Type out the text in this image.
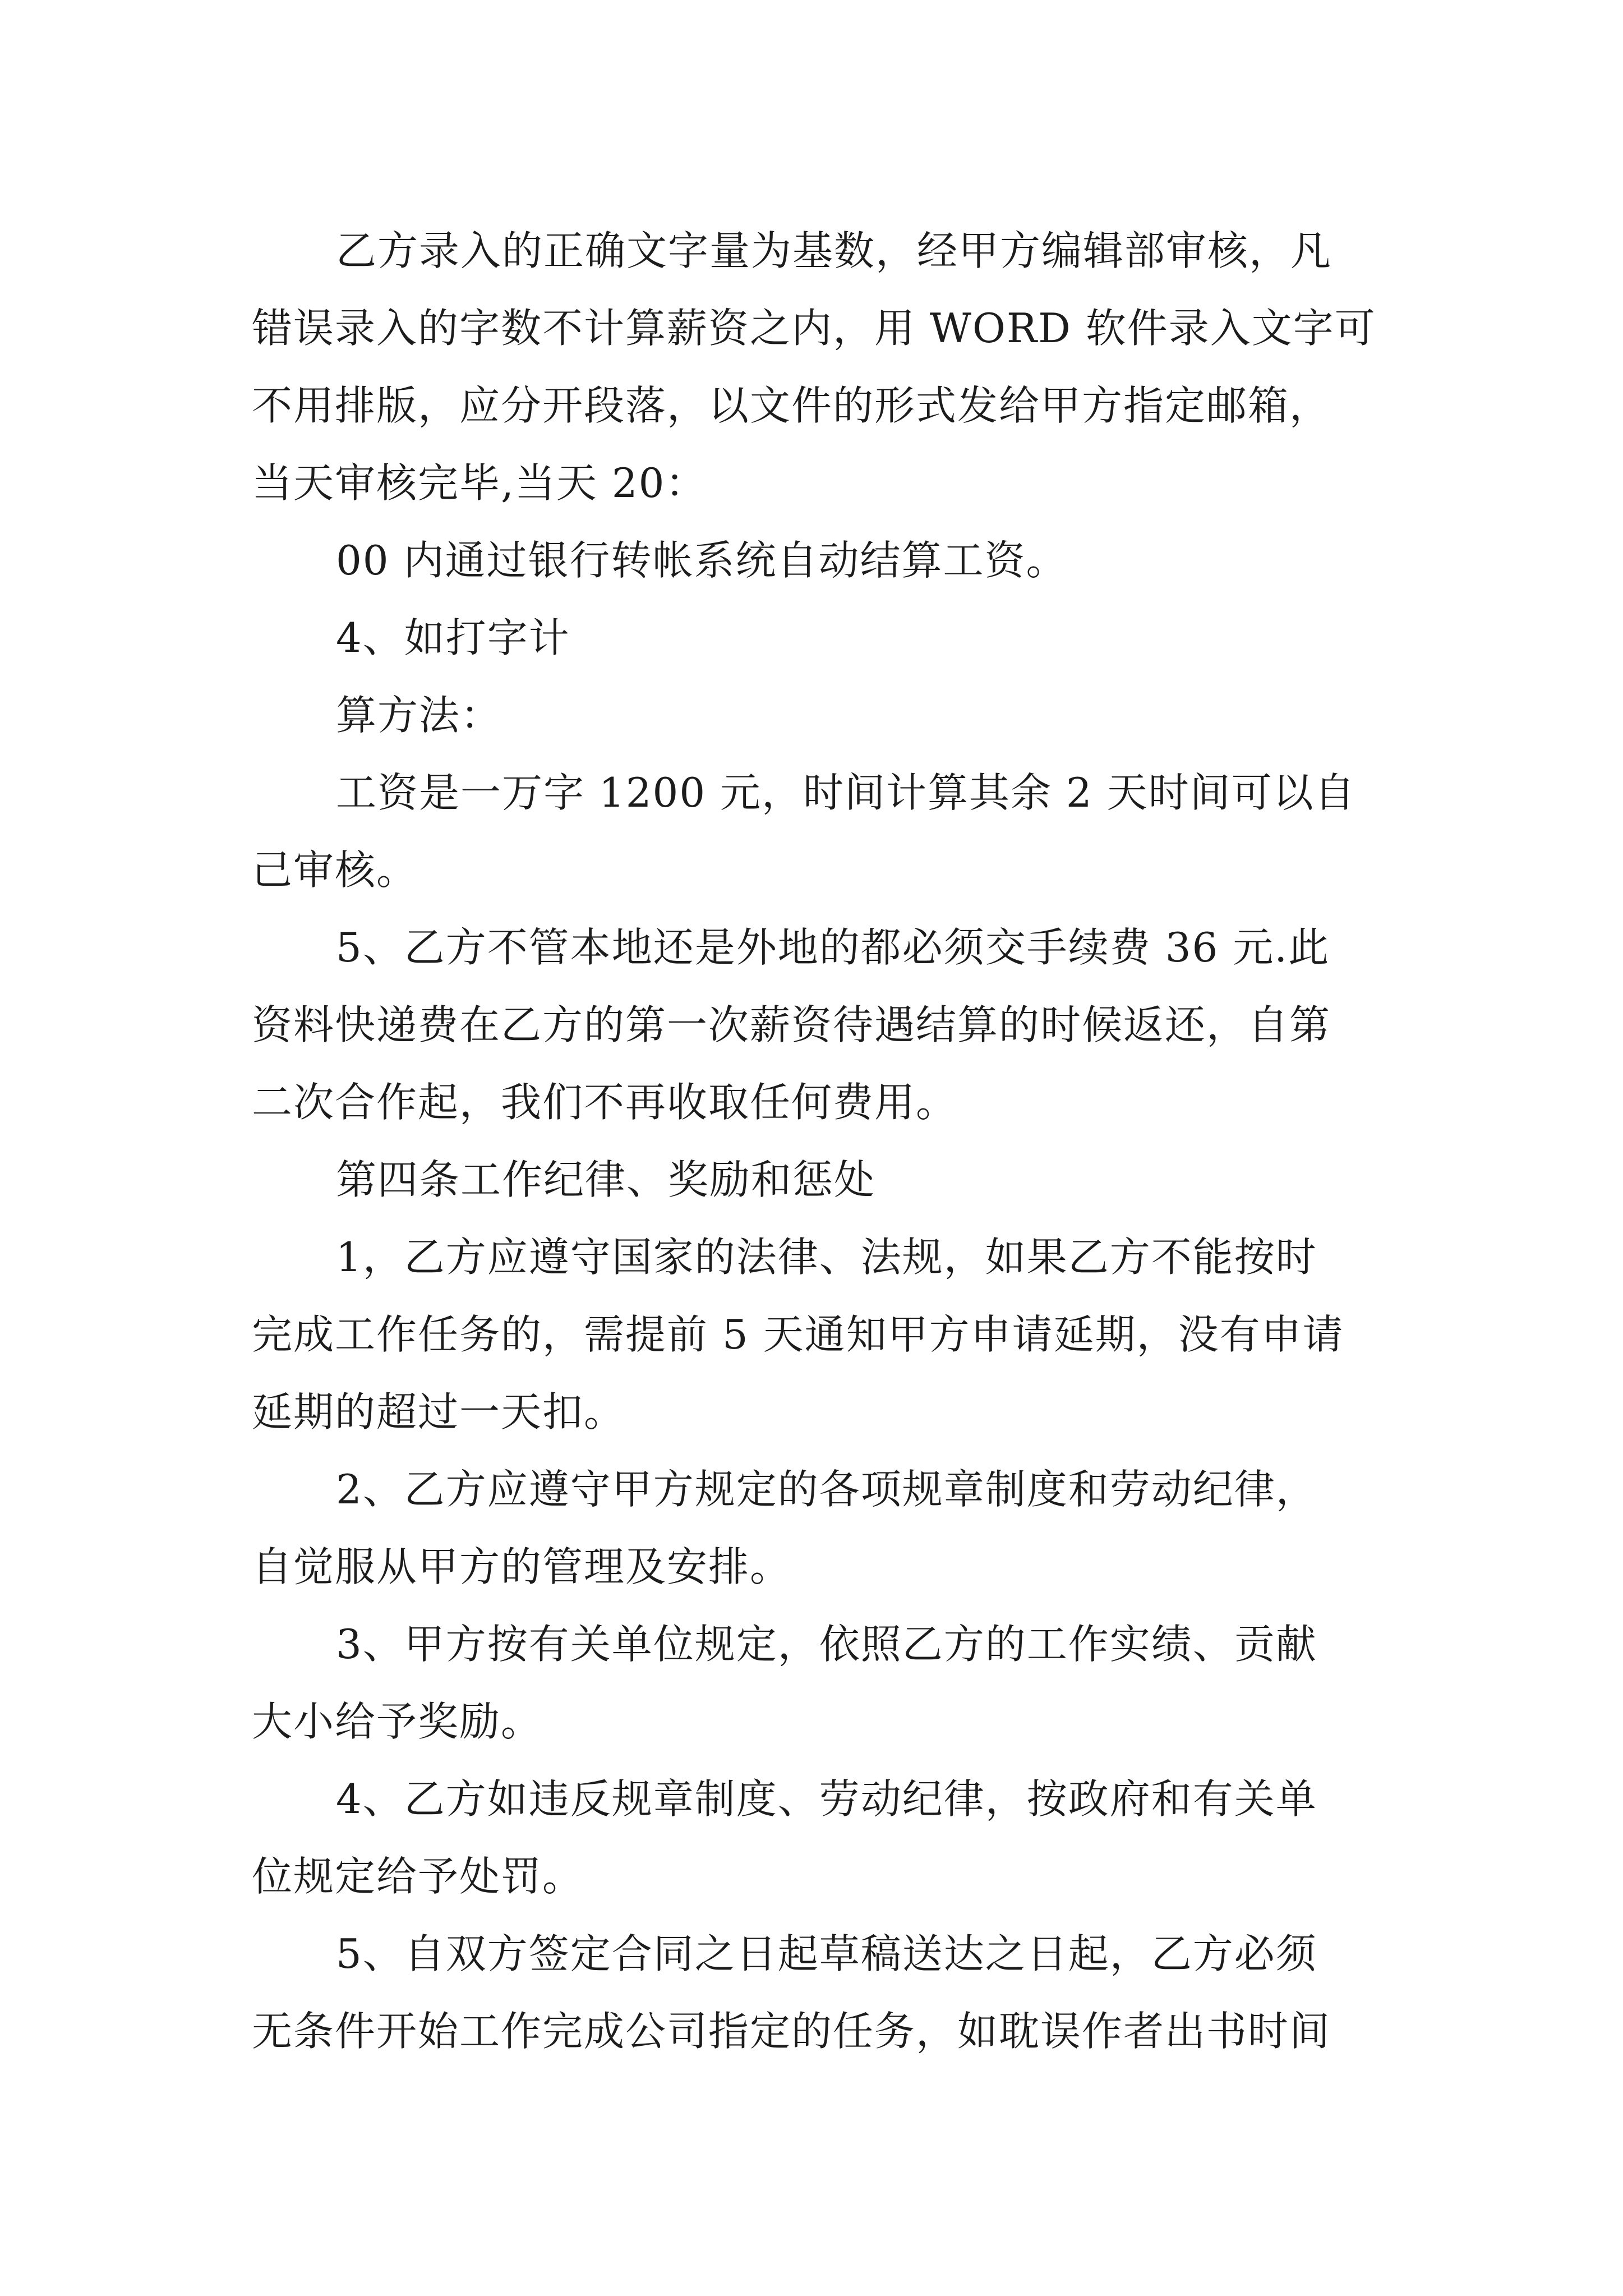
乙方录入的正确文字量为基数，经甲方编辑部审核，凡
错误录入的字数不计算薪资之内，用 WORD 软件录入文字可
不用排版，应分开段落，以文件的形式发给甲方指定邮箱，
当天审核完毕,当天 20：
00 内通过银行转帐系统自动结算工资。
4、如打字计
算方法：
工资是一万字 1200 元，时间计算其余 2 天时间可以自
己审核。
5、乙方不管本地还是外地的都必须交手续费 36 元.此
资料快递费在乙方的第一次薪资待遇结算的时候返还，自第
二次合作起，我们不再收取任何费用。
第四条工作纪律、奖励和惩处
1，乙方应遵守国家的法律、法规，如果乙方不能按时
完成工作任务的，需提前 5 天通知甲方申请延期，没有申请
延期的超过一天扣。
2、乙方应遵守甲方规定的各项规章制度和劳动纪律，
自觉服从甲方的管理及安排。
3、甲方按有关单位规定，依照乙方的工作实绩、贡献
大小给予奖励。
4、乙方如违反规章制度、劳动纪律，按政府和有关单
位规定给予处罚。
5、自双方签定合同之日起草稿送达之日起，乙方必须
无条件开始工作完成公司指定的任务，如耽误作者出书时间
